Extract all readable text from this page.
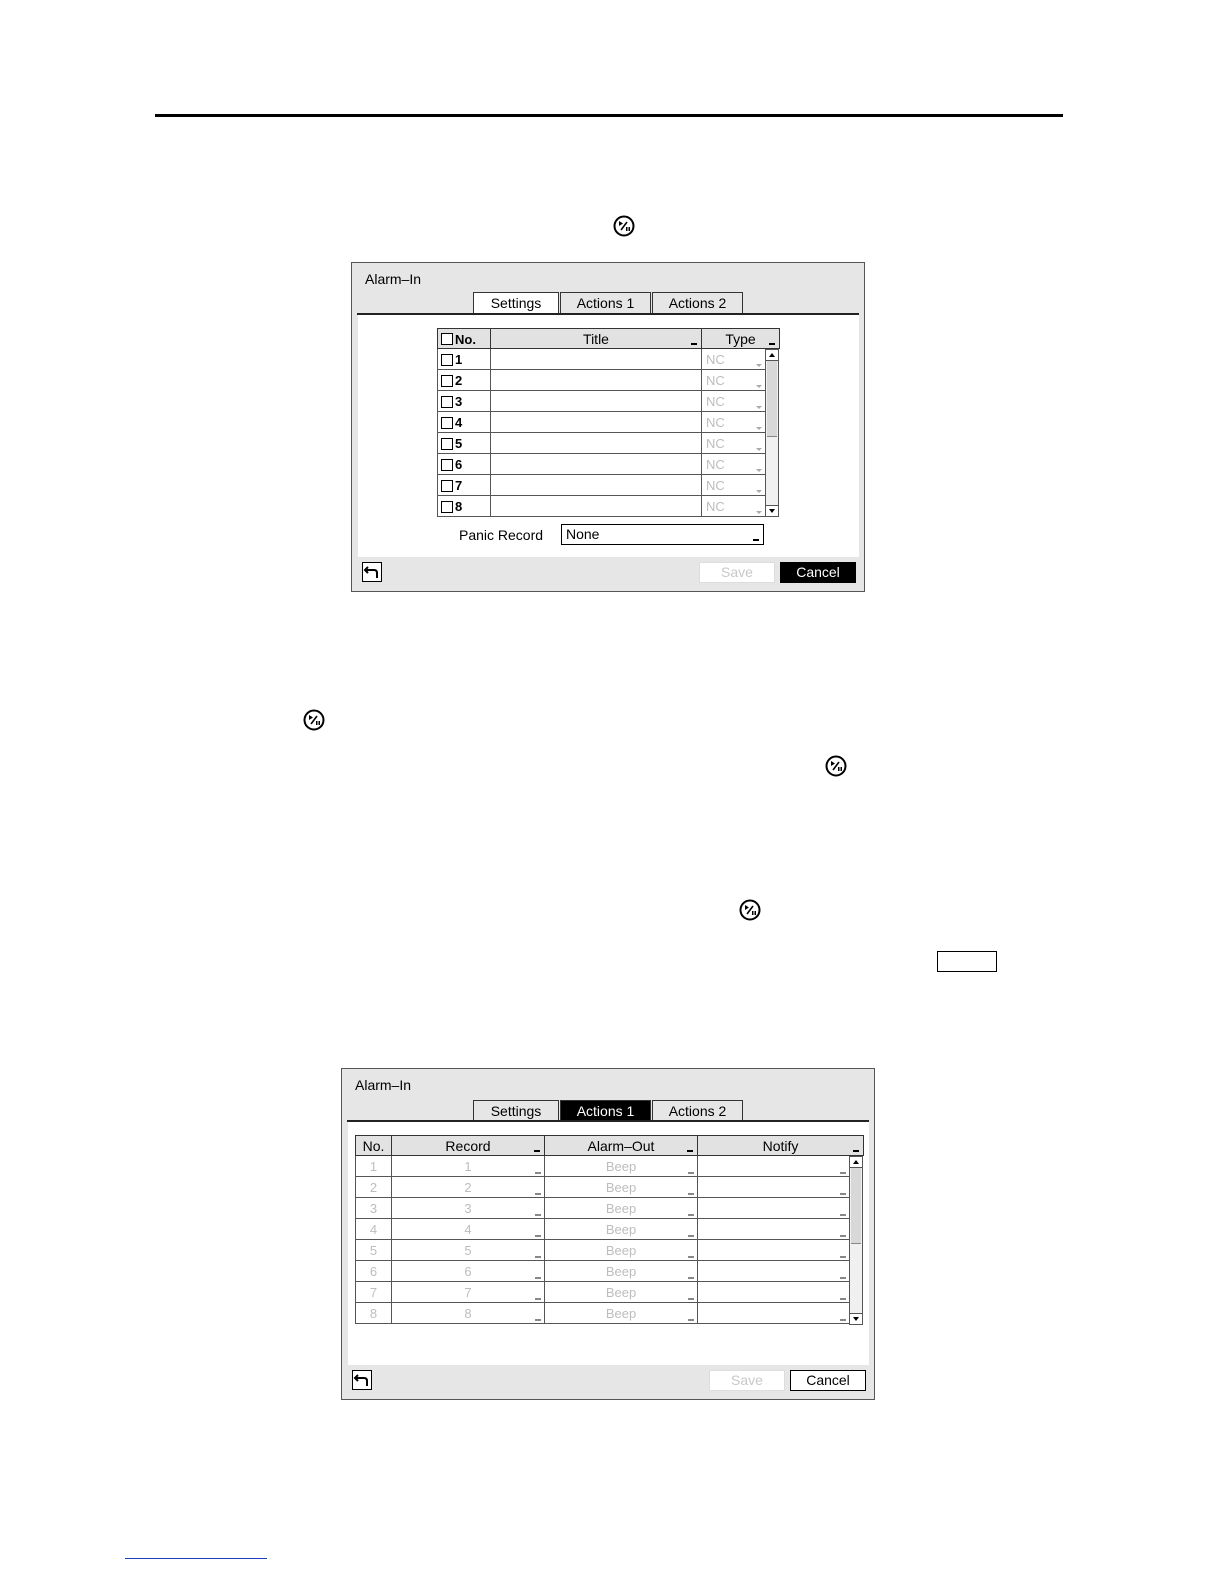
Alarm–In
Settings	Actions 1	Actions 2
No.	Title	Type	

1		NC

2		NC	

3		NC	

4		NC	

5		NC	

6		NC	

7		NC	

8		NC	
Panic Record	None
Save	Cancel
Alarm–In
Settings	Actions 1	Actions 2
No.	Record	Alarm–Out	Notify	

1	1	Beep

2	2	Beep	

3	3	Beep	

4	4	Beep	

5	5	Beep	

6	6	Beep	

7	7	Beep	

8	8	Beep	

Save	Cancel
